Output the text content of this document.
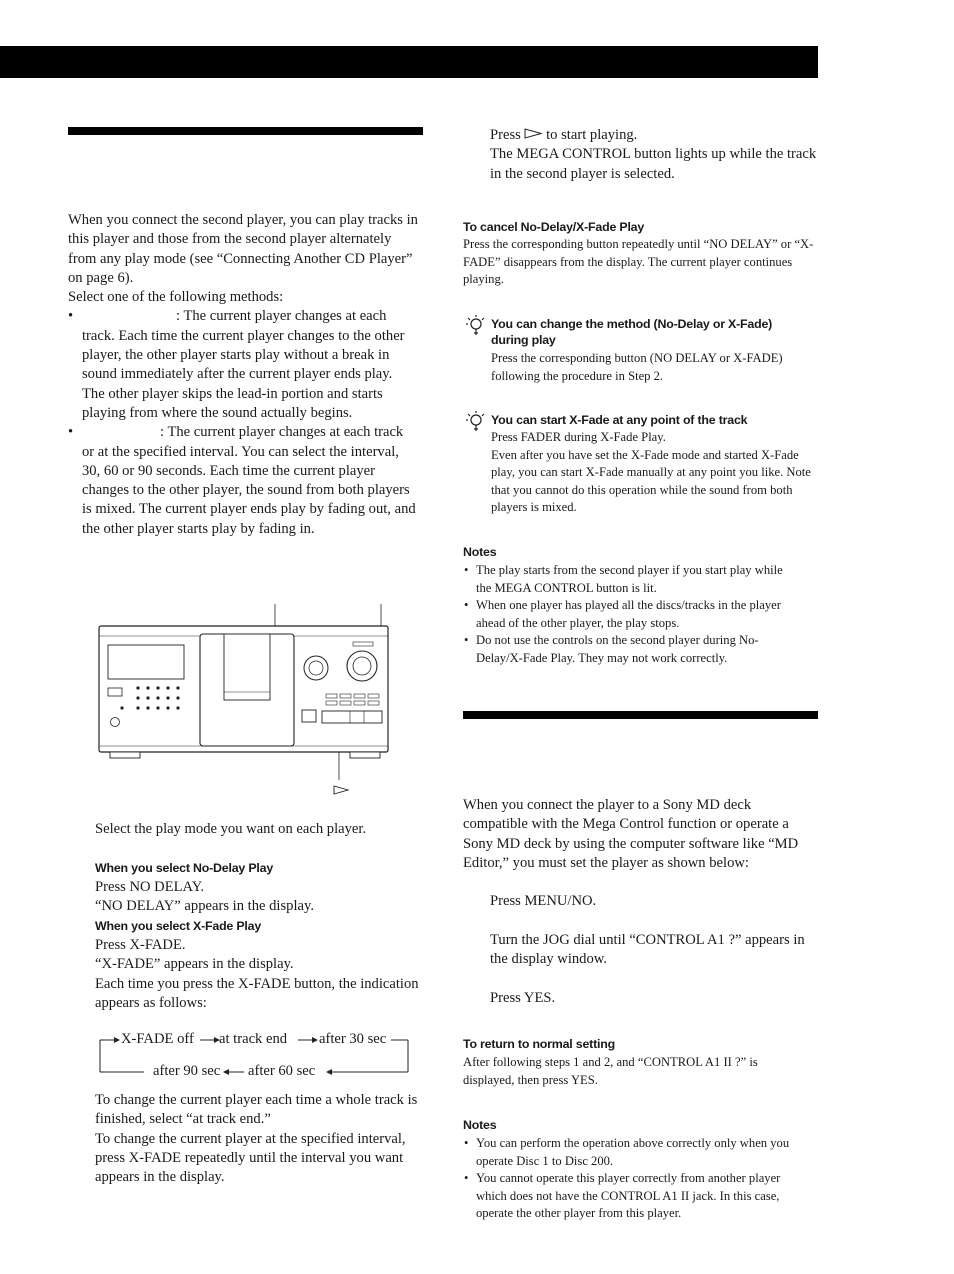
When you connect the second player, you can play tracks in this player and those from the second player alternately from any play mode (see “Connecting Another CD Player” on page 6).

Select one of the following methods:

•	: The current player changes at each track. Each time the current player changes to the other player, the other player starts play without a break in sound immediately after the current player ends play. The other player skips the lead-in portion and starts playing from where the sound actually begins.
•	: The current player changes at each track or at the specified interval. You can select the interval, 30, 60 or 90 seconds. Each time the current player changes to the other player, the sound from both players is mixed. The current player ends play by fading out, and the other player starts play by fading in.

Select the play mode you want on each player.

When you select No-Delay Play

Press NO DELAY.

“NO DELAY” appears in the display.

When you select X-Fade Play

Press X-FADE.

“X-FADE” appears in the display.

Each time you press the X-FADE button, the indication appears as follows:

X-FADE off at track end after 30 sec
after 60 sec
after 90 sec

To change the current player each time a whole track is finished, select “at track end.”

To change the current player at the specified interval, press X-FADE repeatedly until the interval you want appears in the display.

Press to start playing.

The MEGA CONTROL button lights up while the track in the second player is selected.

To cancel No-Delay/X-Fade Play
Press the corresponding button repeatedly until “NO DELAY” or “X-FADE” disappears from the display. The current player continues playing.
You can change the method (No-Delay or X-Fade) during play
Press the corresponding button (NO DELAY or X-FADE) following the procedure in Step 2.
You can start X-Fade at any point of the track

Press FADER during X-Fade Play.

Even after you have set the X-Fade mode and started X-Fade play, you can start X-Fade manually at any point you like. Note that you cannot do this operation while the sound from both players is mixed.

Notes
• The play starts from the second player if you start play while the MEGA CONTROL button is lit.
• When one player has played all the discs/tracks in the player ahead of the other player, the play stops.
• Do not use the controls on the second player during No-Delay/X-Fade Play. They may not work correctly.
When you connect the player to a Sony MD deck compatible with the Mega Control function or operate a Sony MD deck by using the computer software like “MD Editor,” you must set the player as shown below:
Press MENU/NO.
Turn the JOG dial until “CONTROL A1 ?” appears in the display window.
Press YES.
To return to normal setting
After following steps 1 and 2, and “CONTROL A1 II ?” is displayed, then press YES.
Notes
• You can perform the operation above correctly only when you operate Disc 1 to Disc 200.
• You cannot operate this player correctly from another player which does not have the CONTROL A1 II jack. In this case, operate the other player from this player.
